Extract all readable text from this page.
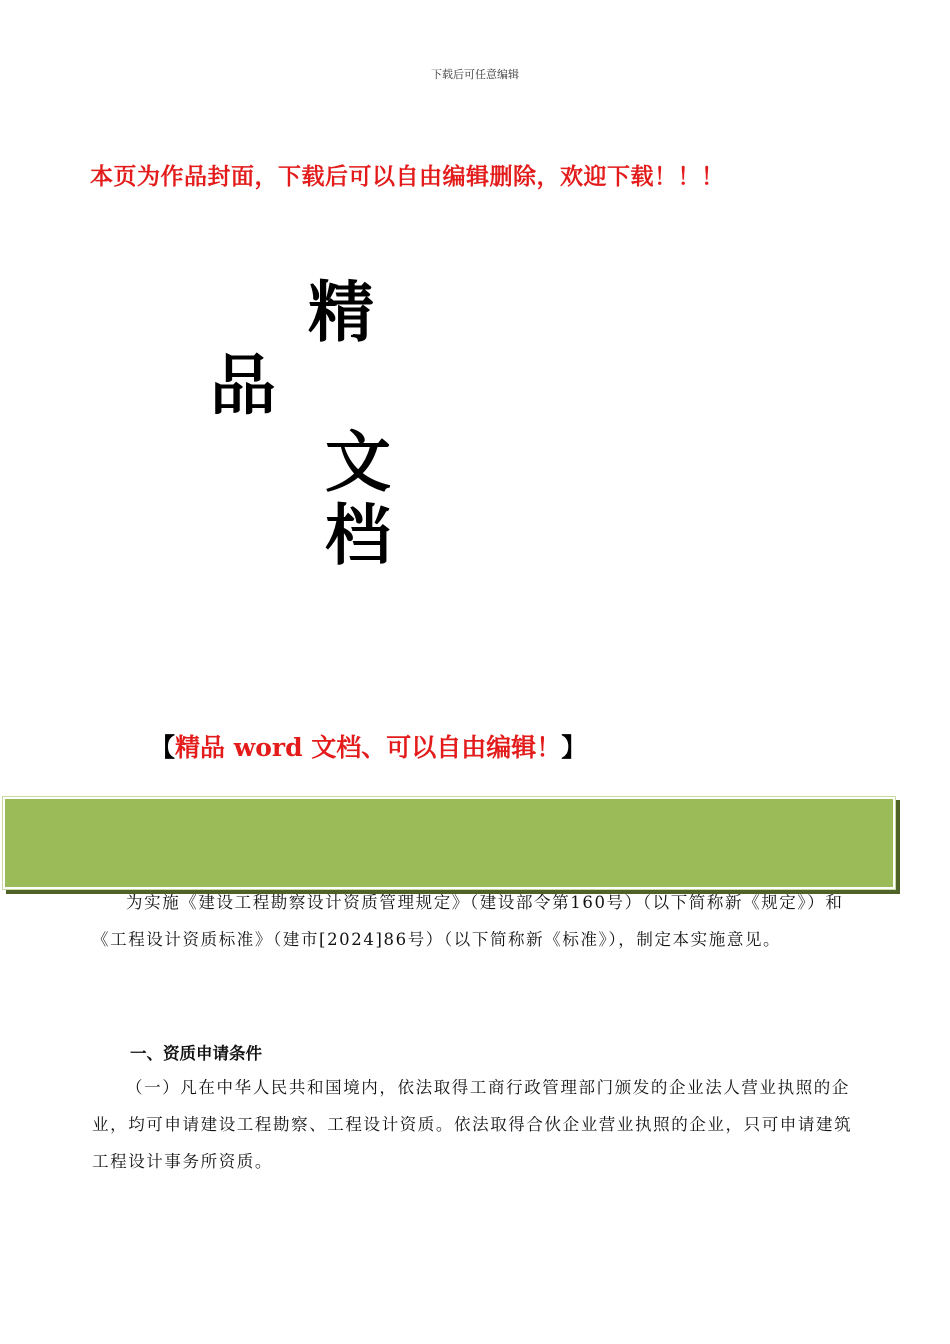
下载后可任意编辑
本页为作品封面，下载后可以自由编辑删除，欢迎下载！！！
精
品
文
档
【精品 word 文档、可以自由编辑！】
为实施《建设工程勘察设计资质管理规定》（建设部令第160号）（以下简称新《规定》）和《工程设计资质标准》（建市[2024]86号）（以下简称新《标准》），制定本实施意见。
一、资质申请条件
（一）凡在中华人民共和国境内，依法取得工商行政管理部门颁发的企业法人营业执照的企业，均可申请建设工程勘察、工程设计资质。依法取得合伙企业营业执照的企业，只可申请建筑工程设计事务所资质。
